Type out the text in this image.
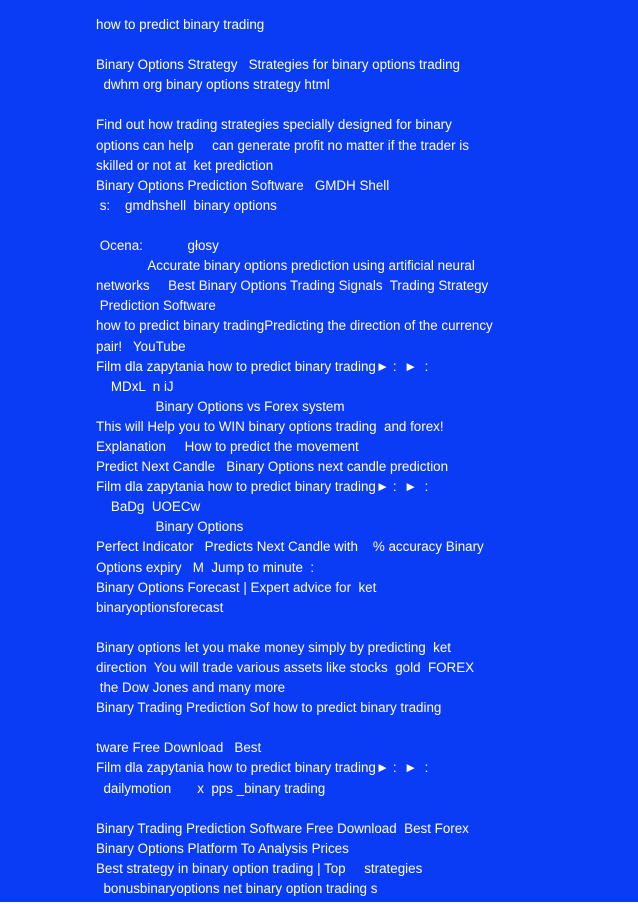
how to predict binary trading
Binary Options Strategy   Strategies for binary options trading
dwhm org binary options strategy html
Find out how trading strategies specially designed for binary
options can help     can generate profit no matter if the trader is
skilled or not at  ket prediction
Binary Options Prediction Software   GMDH Shell
s:    gmdhshell  binary options
Ocena:            głosy
Accurate binary options prediction using artificial neural
networks     Best Binary Options Trading Signals  Trading Strategy
Prediction Software
how to predict binary tradingPredicting the direction of the currency
pair!   YouTube
Film dla zapytania how to predict binary trading► :  ►  :
MDxL  n iJ
Binary Options vs Forex system
This will Help you to WIN binary options trading  and forex!
Explanation     How to predict the movement
Predict Next Candle   Binary Options next candle prediction
Film dla zapytania how to predict binary trading► :  ►  :
BaDg  UOECw
Binary Options
Perfect Indicator   Predicts Next Candle with    % accuracy Binary
Options expiry   M  Jump to minute  :
Binary Options Forecast | Expert advice for  ket
binaryoptionsforecast
Binary options let you make money simply by predicting  ket
direction  You will trade various assets like stocks  gold  FOREX
the Dow Jones and many more
Binary Trading Prediction Sof how to predict binary trading
tware Free Download   Best
Film dla zapytania how to predict binary trading► :  ►  :
dailymotion       x  pps _binary trading
Binary Trading Prediction Software Free Download  Best Forex
Binary Options Platform To Analysis Prices
Best strategy in binary option trading | Top     strategies
bonusbinaryoptions net binary option trading s
